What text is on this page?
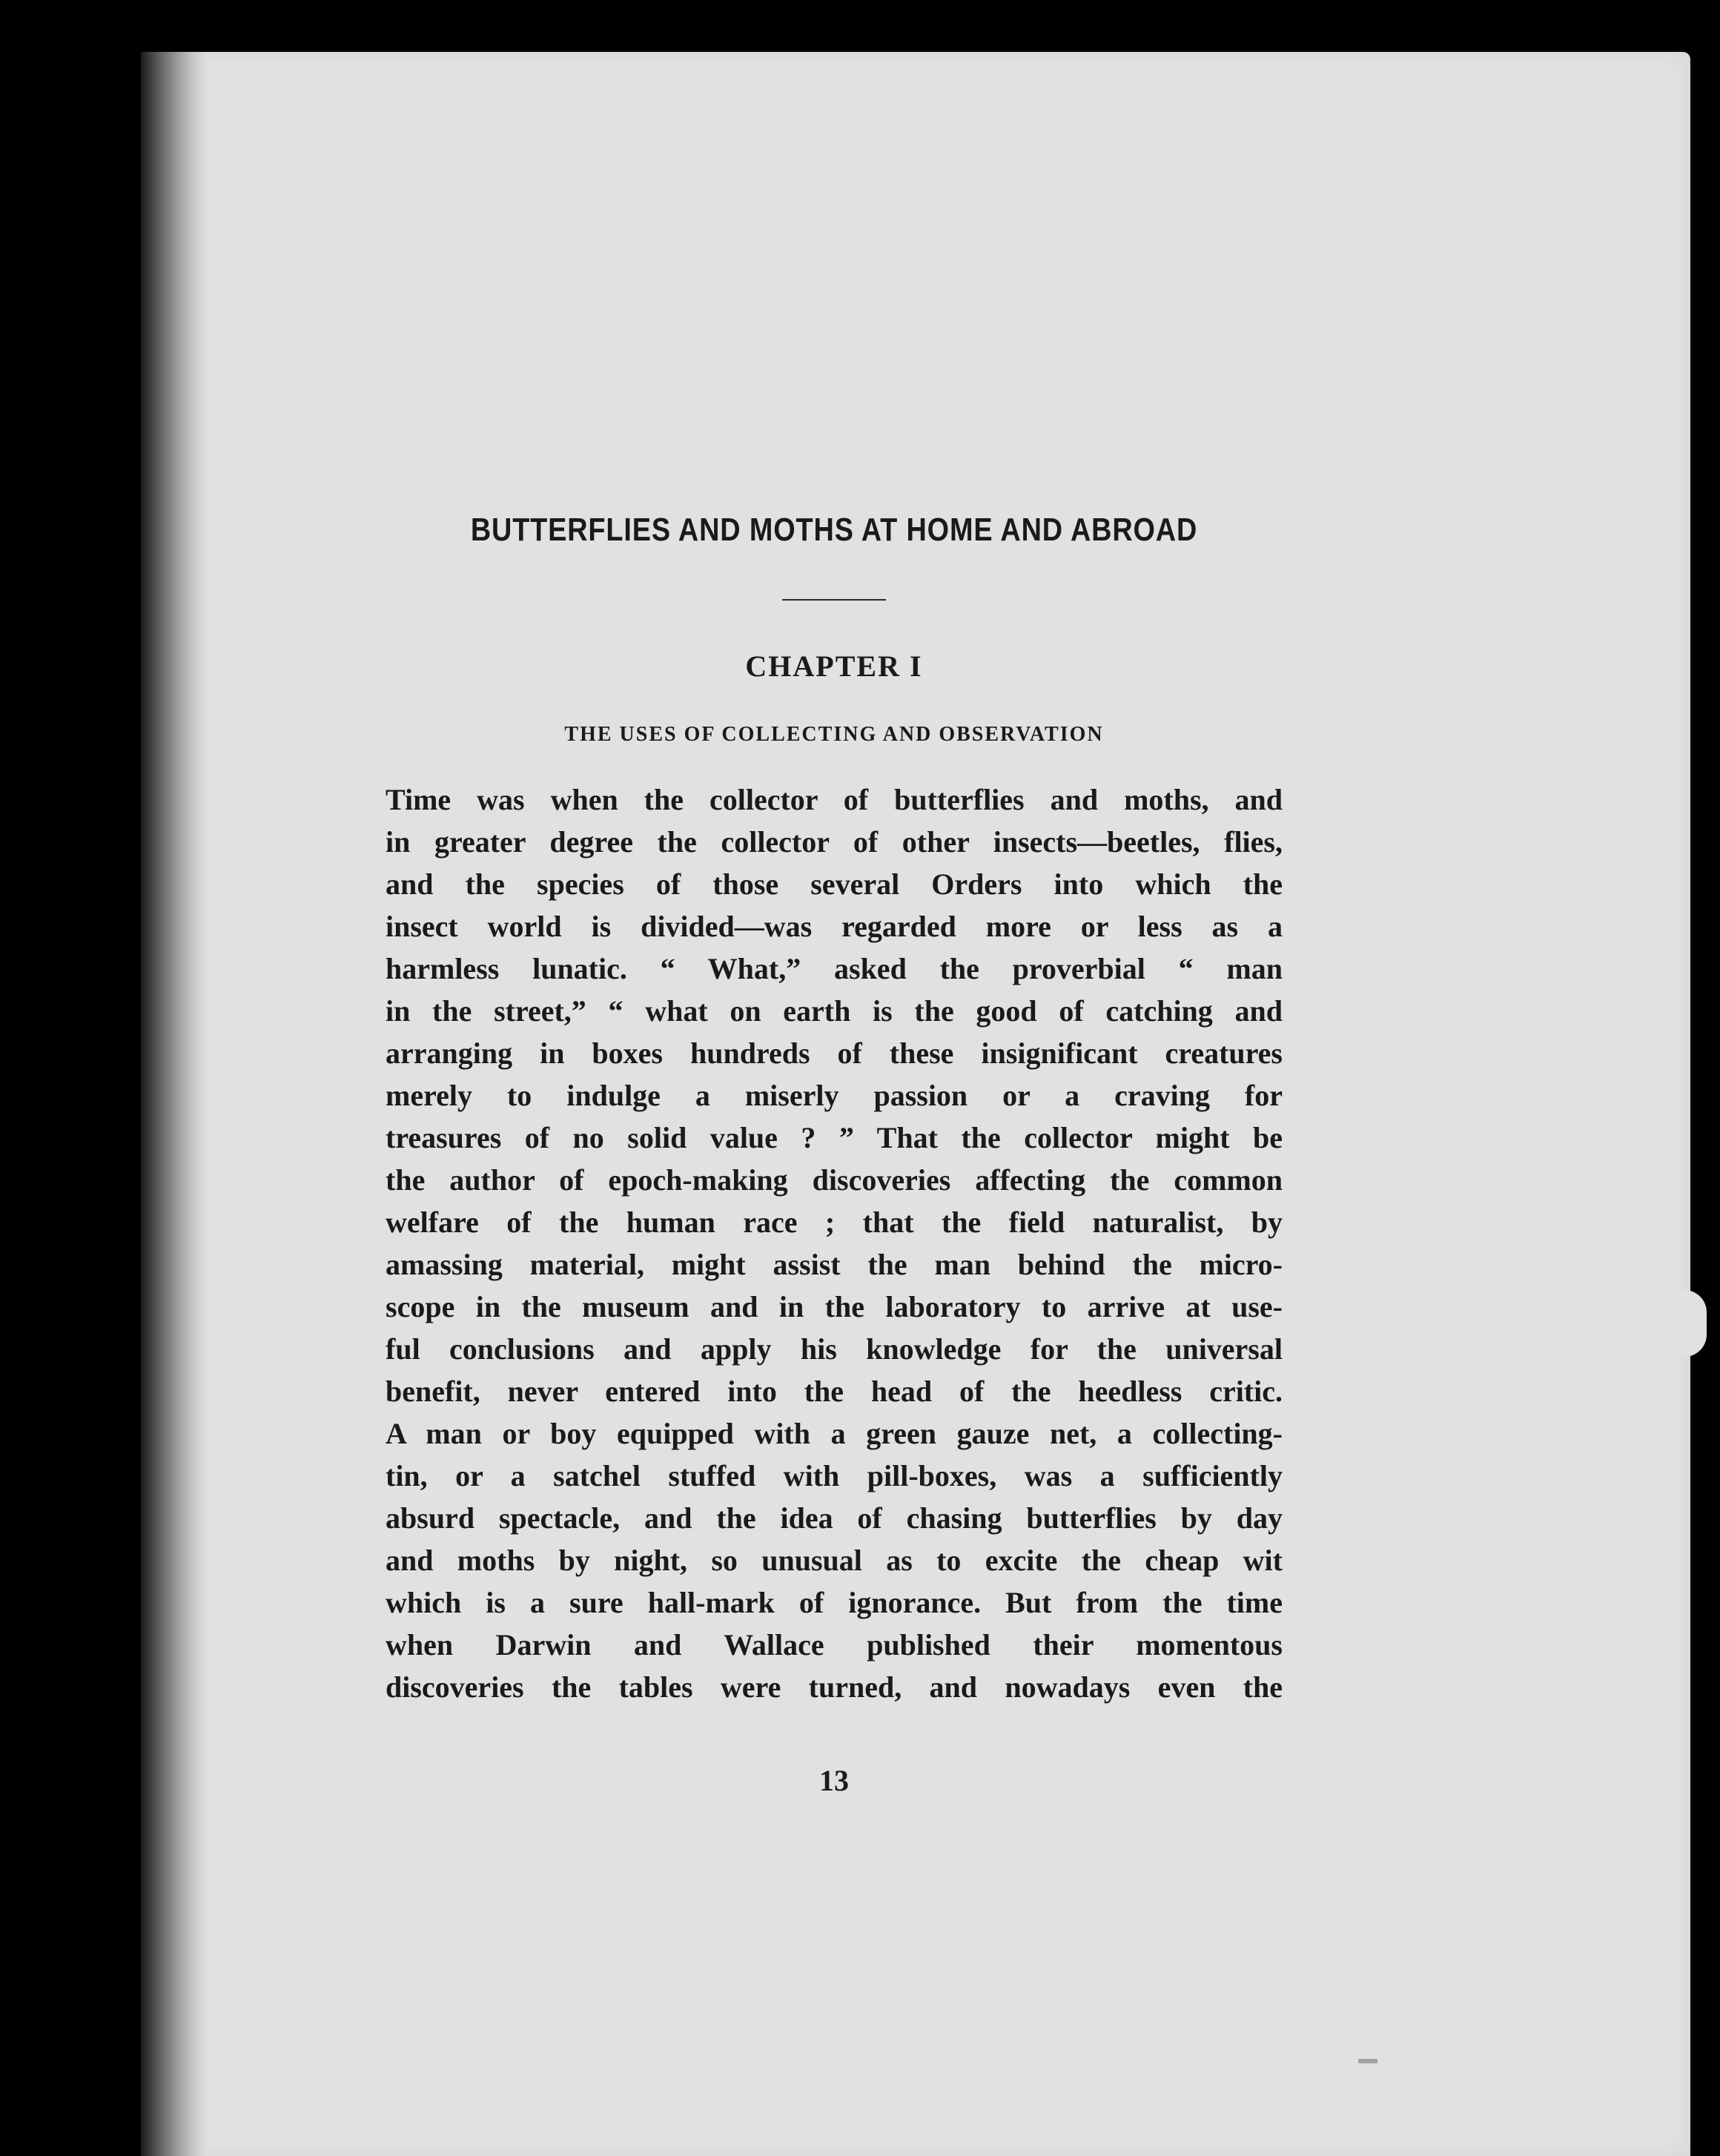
BUTTERFLIES AND MOTHS AT HOME AND ABROAD
CHAPTER I
THE USES OF COLLECTING AND OBSERVATION
Time was when the collector of butterflies and moths, and
in greater degree the collector of other insects—beetles, flies,
and the species of those several Orders into which the
insect world is divided—was regarded more or less as a
harmless lunatic. “ What,” asked the proverbial “ man
in the street,” “ what on earth is the good of catching and
arranging in boxes hundreds of these insignificant creatures
merely to indulge a miserly passion or a craving for
treasures of no solid value ? ” That the collector might be
the author of epoch-making discoveries affecting the common
welfare of the human race ; that the field naturalist, by
amassing material, might assist the man behind the micro-
scope in the museum and in the laboratory to arrive at use-
ful conclusions and apply his knowledge for the universal
benefit, never entered into the head of the heedless critic.
A man or boy equipped with a green gauze net, a collecting-
tin, or a satchel stuffed with pill-boxes, was a sufficiently
absurd spectacle, and the idea of chasing butterflies by day
and moths by night, so unusual as to excite the cheap wit
which is a sure hall-mark of ignorance. But from the time
when Darwin and Wallace published their momentous
discoveries the tables were turned, and nowadays even the
13
